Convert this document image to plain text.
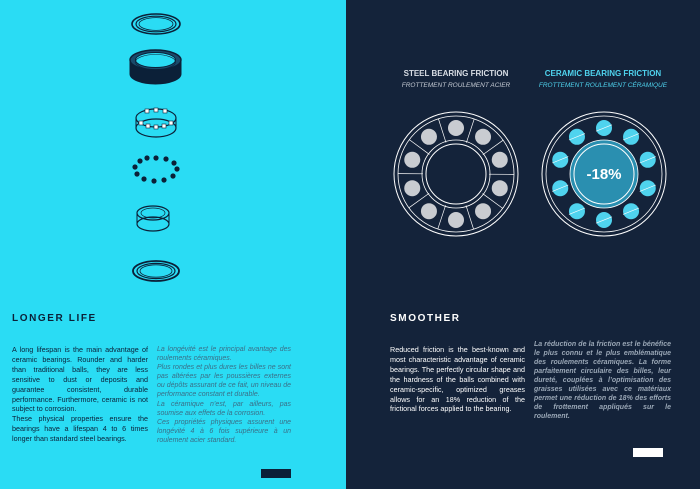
LONGER LIFE

A long lifespan is the main advantage of ceramic bearings. Rounder and harder than traditional balls, they are less sensitive to dust or deposits and guarantee consistent, durable performance. Furthermore, ceramic is not subject to corrosion.
These physical properties ensure the bearings have a lifespan 4 to 6 times longer than standard steel bearings.

La longévité est le principal avantage des roulements céramiques.
Plus rondes et plus dures les billes ne sont pas altérées par les poussières externes ou dépôts assurant de ce fait, un niveau de performance constant et durable.
La céramique n’est, par ailleurs, pas soumise aux effets de la corrosion.
Ces propriétés physiques assurent une longévité 4 à 6 fois supérieure à un roulement acier standard.

STEEL BEARING FRICTION

FROTTEMENT ROULEMENT ACIER

CERAMIC BEARING FRICTION

FROTTEMENT ROULEMENT CÉRAMIQUE

-18%
SMOOTHER

Reduced friction is the best-known and most characteristic advantage of ceramic bearings. The perfectly circular shape and the hardness of the balls combined with ceramic-specific, optimized greases allows for an 18% reduction of the frictional forces applied to the bearing.

La réduction de la friction est le bénéfice le plus connu et le plus emblématique des roulements céramiques. La forme parfaitement circulaire des billes, leur dureté, couplées à l’optimisation des graisses utilisées avec ce matériaux permet une réduction de 18% des efforts de frottement appliqués sur le roulement.
